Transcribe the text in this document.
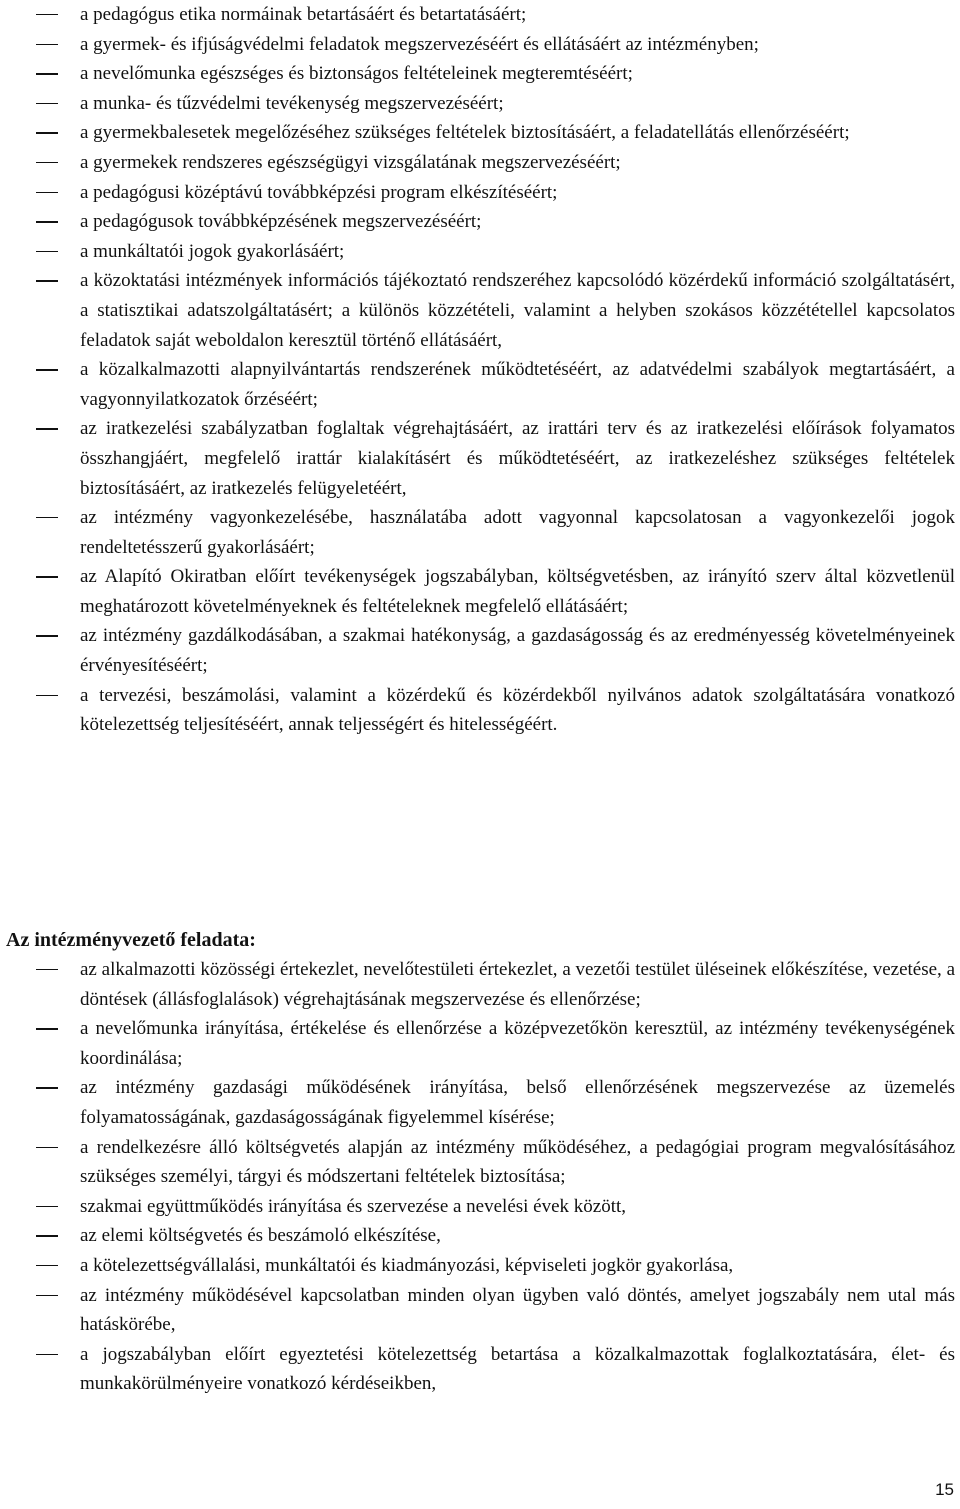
a pedagógus etika normáinak betartásáért és betartatásáért;
a gyermek- és ifjúságvédelmi feladatok megszervezéséért és ellátásáért az intézményben;
a nevelőmunka egészséges és biztonságos feltételeinek megteremtéséért;
a munka- és tűzvédelmi tevékenység megszervezéséért;
a gyermekbalesetek megelőzéséhez szükséges feltételek biztosításáért, a feladatellátás ellenőrzéséért;
a gyermekek rendszeres egészségügyi vizsgálatának megszervezéséért;
a pedagógusi középtávú továbbképzési program elkészítéséért;
a pedagógusok továbbképzésének megszervezéséért;
a munkáltatói jogok gyakorlásáért;
a közoktatási intézmények információs tájékoztató rendszeréhez kapcsolódó közérdekű információ szolgáltatásért, a statisztikai adatszolgáltatásért; a különös közzétételi, valamint a helyben szokásos közzététellel kapcsolatos feladatok saját weboldalon keresztül történő ellátásáért,
a közalkalmazotti alapnyilvántartás rendszerének működtetéséért, az adatvédelmi szabályok megtartásáért, a vagyonnyilatkozatok őrzéséért;
az iratkezelési szabályzatban foglaltak végrehajtásáért, az irattári terv és az iratkezelési előírások folyamatos összhangjáért, megfelelő irattár kialakításért és működtetéséért, az iratkezeléshez szükséges feltételek biztosításáért, az iratkezelés felügyeletéért,
az intézmény vagyonkezelésébe, használatába adott vagyonnal kapcsolatosan a vagyonkezelői jogok rendeltetésszerű gyakorlásáért;
az Alapító Okiratban előírt tevékenységek jogszabályban, költségvetésben, az irányító szerv által közvetlenül meghatározott követelményeknek és feltételeknek megfelelő ellátásáért;
az intézmény gazdálkodásában, a szakmai hatékonyság, a gazdaságosság és az eredményesség követelményeinek érvényesítéséért;
a tervezési, beszámolási, valamint a közérdekű és közérdekből nyilvános adatok szolgáltatására vonatkozó kötelezettség teljesítéséért, annak teljességért és hitelességéért.
Az intézményvezető feladata:
az alkalmazotti közösségi értekezlet, nevelőtestületi értekezlet, a vezetői testület üléseinek előkészítése, vezetése, a döntések (állásfoglalások) végrehajtásának megszervezése és ellenőrzése;
a nevelőmunka irányítása, értékelése és ellenőrzése a középvezetőkön keresztül, az intézmény tevékenységének koordinálása;
az intézmény gazdasági működésének irányítása, belső ellenőrzésének megszervezése az üzemelés folyamatosságának, gazdaságosságának figyelemmel kísérése;
a rendelkezésre álló költségvetés alapján az intézmény működéséhez, a pedagógiai program megvalósításához szükséges személyi, tárgyi és módszertani feltételek biztosítása;
szakmai együttműködés irányítása és szervezése a nevelési évek között,
az elemi költségvetés és beszámoló elkészítése,
a kötelezettségvállalási, munkáltatói és kiadmányozási, képviseleti jogkör gyakorlása,
az intézmény működésével kapcsolatban minden olyan ügyben való döntés, amelyet jogszabály nem utal más hatáskörébe,
a jogszabályban előírt egyeztetési kötelezettség betartása a közalkalmazottak foglalkoztatására, élet- és munkakörülményeire vonatkozó kérdéseikben,
15
